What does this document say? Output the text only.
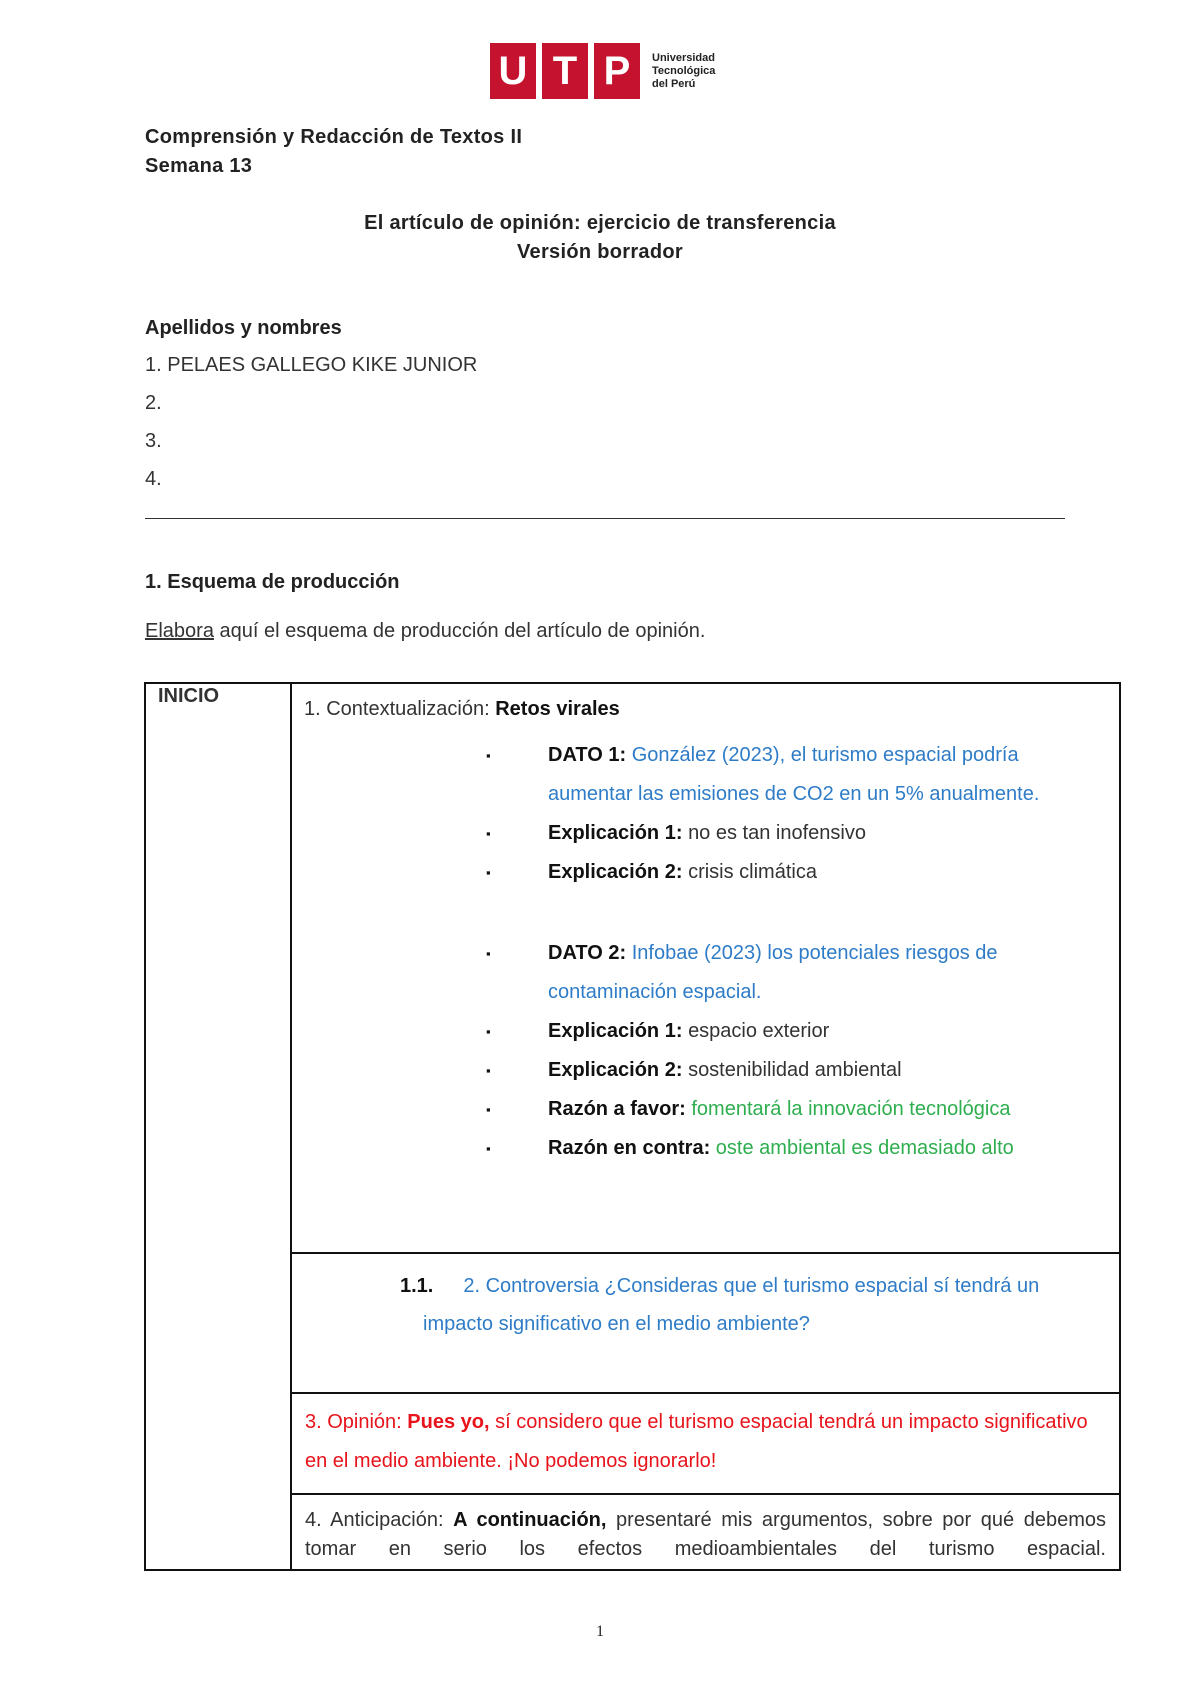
U T P	Universidad
Tecnológica
del Perú
Comprensión y Redacción de Textos II
Semana 13
El artículo de opinión: ejercicio de transferencia
Versión borrador
Apellidos y nombres
1. PELAES GALLEGO KIKE JUNIOR
2.
3.
4.
1. Esquema de producción
Elabora aquí el esquema de producción del artículo de opinión.
INICIO	
1. Contextualización: Retos virales
▪ DATO 1: González (2023), el turismo espacial podría aumentar las emisiones de CO2 en un 5% anualmente.
▪ Explicación 1: no es tan inofensivo
▪ Explicación 2: crisis climática
▪ DATO 2: Infobae (2023) los potenciales riesgos de contaminación espacial.
▪ Explicación 1: espacio exterior
▪ Explicación 2: sostenibilidad ambiental
▪ Razón a favor: fomentará la innovación tecnológica
▪ Razón en contra: oste ambiental es demasiado alto

1.1. 2. Controversia ¿Consideras que el turismo espacial sí tendrá un
impacto significativo en el medio ambiente?

3. Opinión: Pues yo, sí considero que el turismo espacial tendrá un impacto significativo en el medio ambiente. ¡No podemos ignorarlo!

4. Anticipación: A continuación, presentaré mis argumentos, sobre por qué debemos tomar en serio los efectos medioambientales del turismo espacial.
1
